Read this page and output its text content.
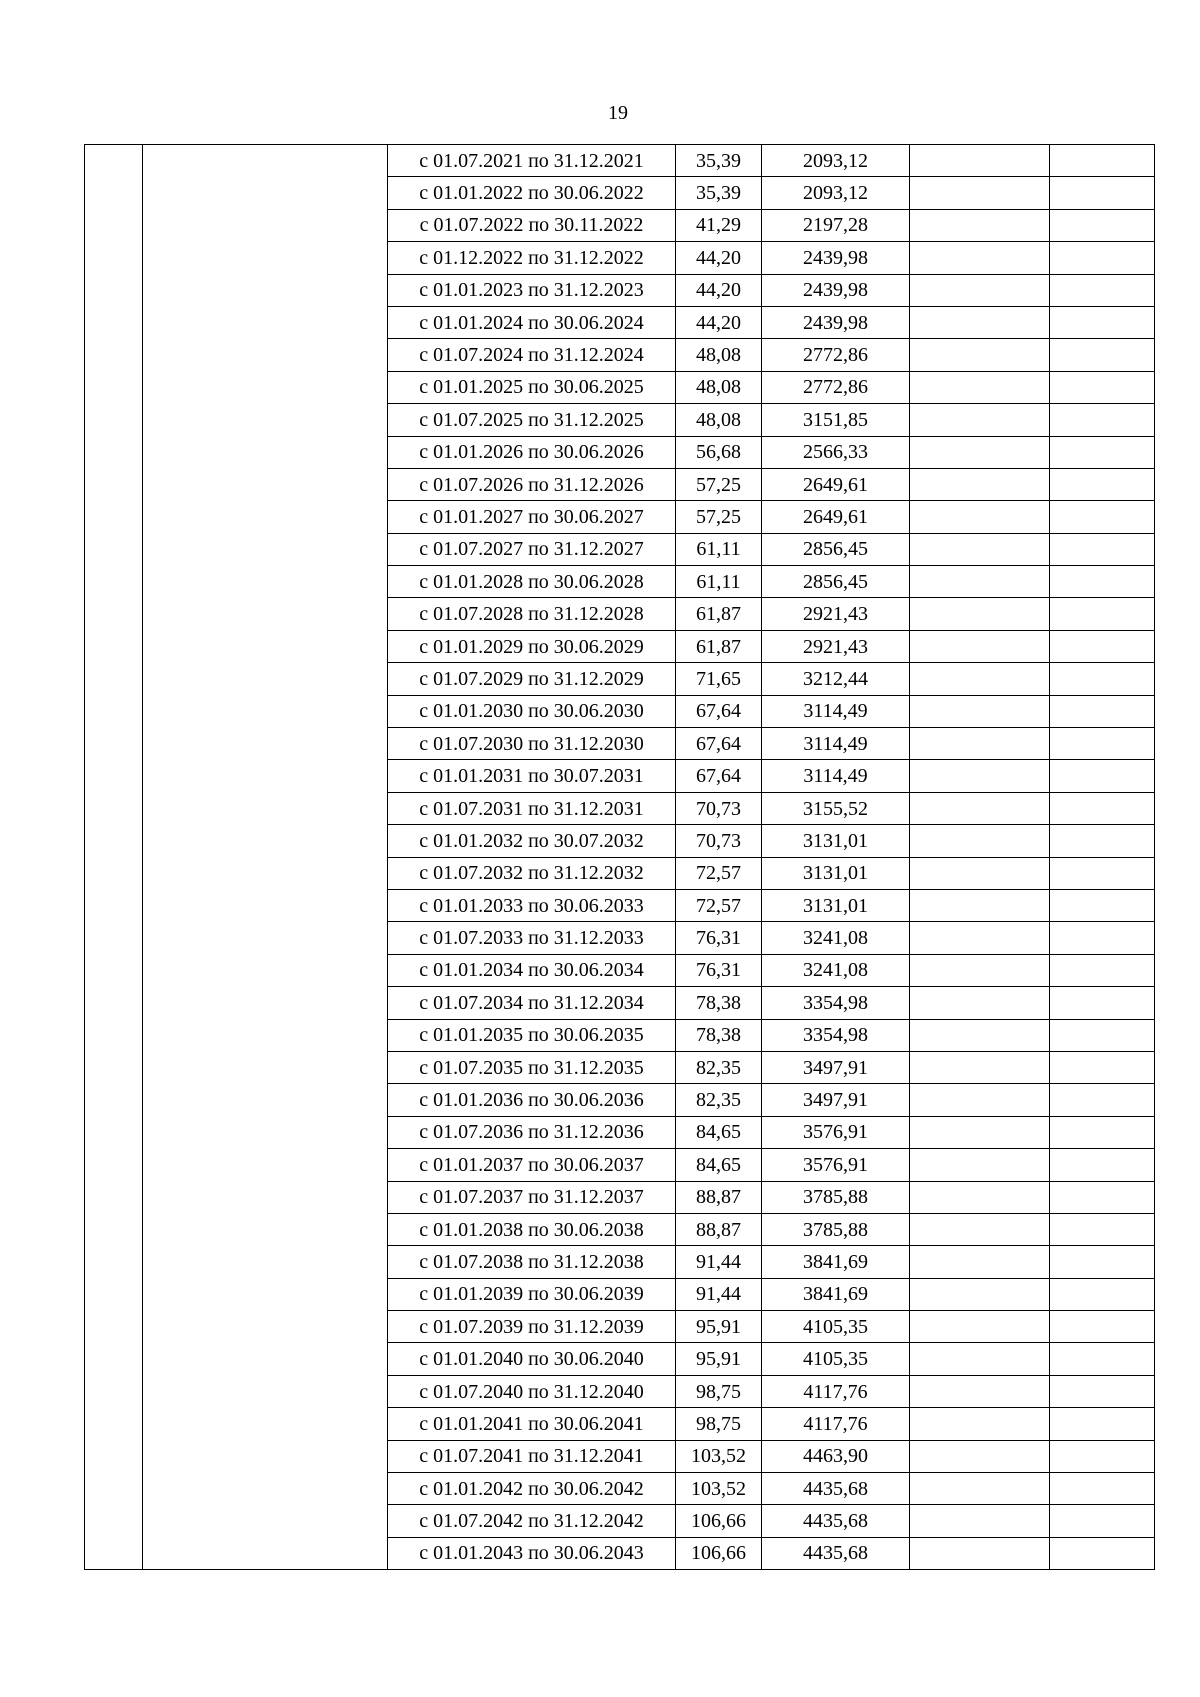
19
		с 01.07.2021 по 31.12.2021	35,39	2093,12		
		с 01.01.2022 по 30.06.2022	35,39	2093,12		
		с 01.07.2022 по 30.11.2022	41,29	2197,28		
		с 01.12.2022 по 31.12.2022	44,20	2439,98		
		с 01.01.2023 по 31.12.2023	44,20	2439,98		
		с 01.01.2024 по 30.06.2024	44,20	2439,98		
		с 01.07.2024 по 31.12.2024	48,08	2772,86		
		с 01.01.2025 по 30.06.2025	48,08	2772,86		
		с 01.07.2025 по 31.12.2025	48,08	3151,85		
		с 01.01.2026 по 30.06.2026	56,68	2566,33		
		с 01.07.2026 по 31.12.2026	57,25	2649,61		
		с 01.01.2027 по 30.06.2027	57,25	2649,61		
		с 01.07.2027 по 31.12.2027	61,11	2856,45		
		с 01.01.2028 по 30.06.2028	61,11	2856,45		
		с 01.07.2028 по 31.12.2028	61,87	2921,43		
		с 01.01.2029 по 30.06.2029	61,87	2921,43		
		с 01.07.2029 по 31.12.2029	71,65	3212,44		
		с 01.01.2030 по 30.06.2030	67,64	3114,49		
		с 01.07.2030 по 31.12.2030	67,64	3114,49		
		с 01.01.2031 по 30.07.2031	67,64	3114,49		
		с 01.07.2031 по 31.12.2031	70,73	3155,52		
		с 01.01.2032 по 30.07.2032	70,73	3131,01		
		с 01.07.2032 по 31.12.2032	72,57	3131,01		
		с 01.01.2033 по 30.06.2033	72,57	3131,01		
		с 01.07.2033 по 31.12.2033	76,31	3241,08		
		с 01.01.2034 по 30.06.2034	76,31	3241,08		
		с 01.07.2034 по 31.12.2034	78,38	3354,98		
		с 01.01.2035 по 30.06.2035	78,38	3354,98		
		с 01.07.2035 по 31.12.2035	82,35	3497,91		
		с 01.01.2036 по 30.06.2036	82,35	3497,91		
		с 01.07.2036 по 31.12.2036	84,65	3576,91		
		с 01.01.2037 по 30.06.2037	84,65	3576,91		
		с 01.07.2037 по 31.12.2037	88,87	3785,88		
		с 01.01.2038 по 30.06.2038	88,87	3785,88		
		с 01.07.2038 по 31.12.2038	91,44	3841,69		
		с 01.01.2039 по 30.06.2039	91,44	3841,69		
		с 01.07.2039 по 31.12.2039	95,91	4105,35		
		с 01.01.2040 по 30.06.2040	95,91	4105,35		
		с 01.07.2040 по 31.12.2040	98,75	4117,76		
		с 01.01.2041 по 30.06.2041	98,75	4117,76		
		с 01.07.2041 по 31.12.2041	103,52	4463,90		
		с 01.01.2042 по 30.06.2042	103,52	4435,68		
		с 01.07.2042 по 31.12.2042	106,66	4435,68		
		с 01.01.2043 по 30.06.2043	106,66	4435,68		
